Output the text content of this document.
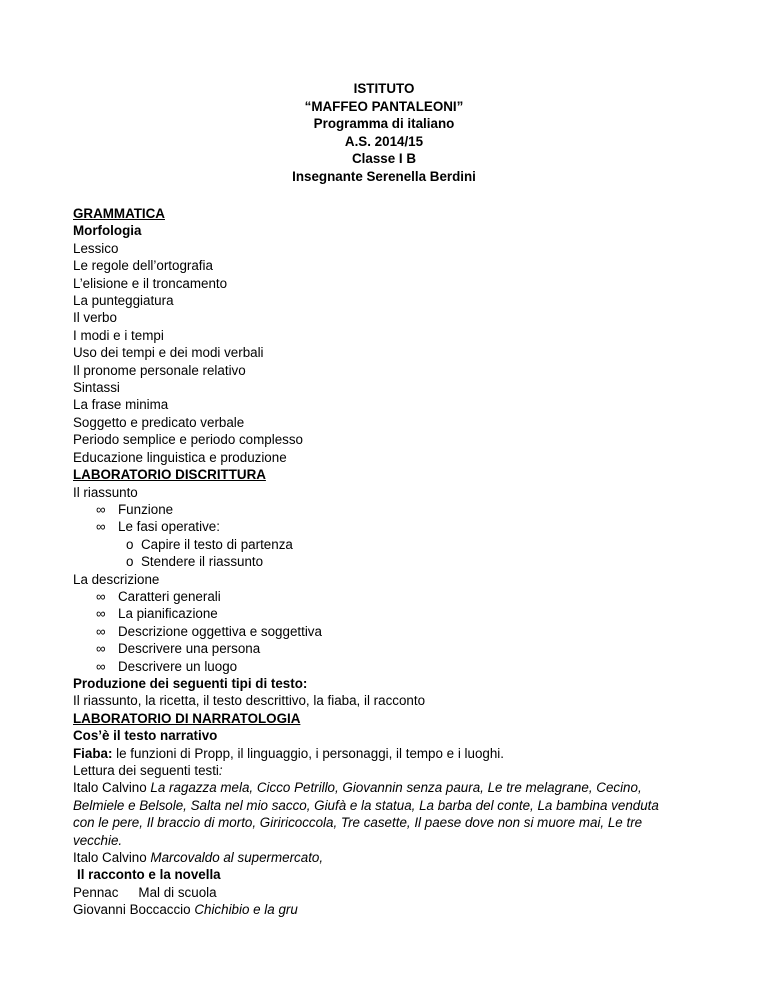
ISTITUTO
“MAFFEO PANTALEONI”
Programma di italiano
A.S. 2014/15
Classe I B
Insegnante Serenella Berdini
GRAMMATICA
Morfologia
Lessico
Le regole dell’ortografia
L’elisione e il troncamento
La punteggiatura
Il verbo
I modi e i tempi
Uso dei tempi e dei modi verbali
Il pronome personale relativo
Sintassi
La frase minima
Soggetto e predicato verbale
Periodo semplice e periodo complesso
Educazione linguistica e produzione
LABORATORIO DISCRITTURA
Il riassunto
∞ Funzione
∞ Le fasi operative:
o Capire il testo di partenza
o Stendere il riassunto
La descrizione
∞ Caratteri generali
∞ La pianificazione
∞ Descrizione oggettiva e soggettiva
∞ Descrivere una persona
∞ Descrivere un luogo
Produzione dei seguenti tipi di testo:
Il riassunto, la ricetta, il testo descrittivo, la fiaba, il racconto
LABORATORIO DI NARRATOLOGIA
Cos’è il testo narrativo
Fiaba: le funzioni di Propp, il linguaggio, i personaggi, il tempo e i luoghi.
Lettura dei seguenti testi:
Italo Calvino La ragazza mela, Cicco Petrillo, Giovannin senza paura, Le tre melagrane, Cecino,
Belmiele e Belsole, Salta nel mio sacco, Giufà e la statua, La barba del conte, La bambina venduta
con le pere, Il braccio di morto, Giriricoccola, Tre casette, Il paese dove non si muore mai, Le tre
vecchie.
Italo Calvino Marcovaldo al supermercato,
Il racconto e la novella
Pennac Mal di scuola
Giovanni Boccaccio Chichibio e la gru
